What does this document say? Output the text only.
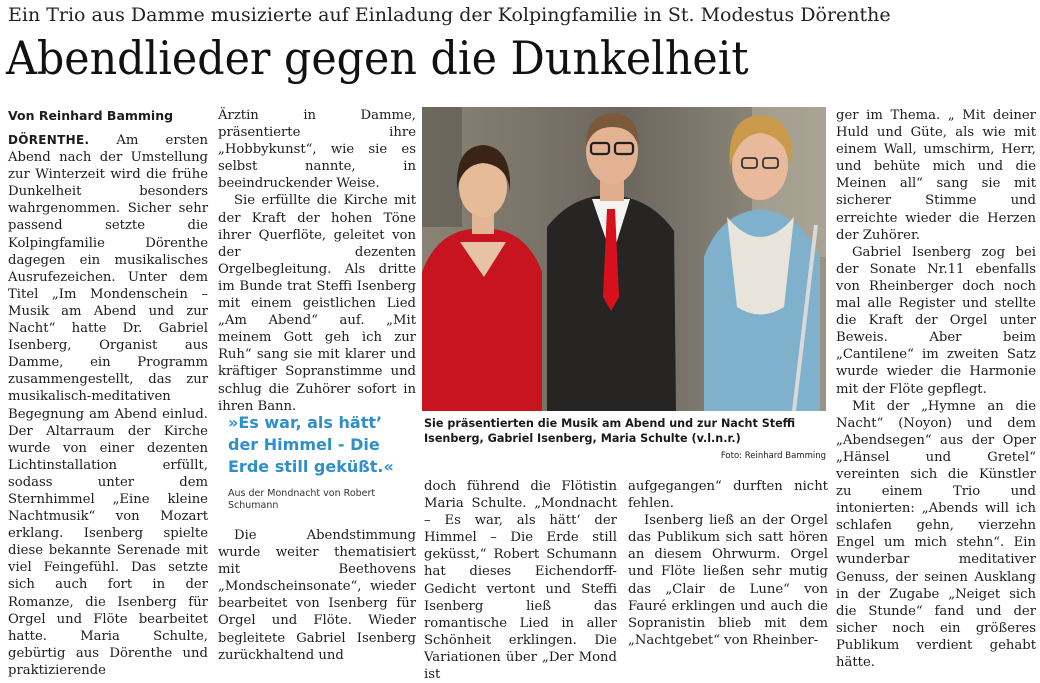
Ein Trio aus Damme musizierte auf Einladung der Kolpingfamilie in St. Modestus Dörenthe
Abendlieder gegen die Dunkelheit

Von Reinhard Bamming

DÖRENTHE. Am ersten Abend nach der Umstellung zur Winterzeit wird die frühe Dunkelheit besonders wahrgenommen. Sicher sehr passend setzte die Kolpingfamilie Dörenthe dagegen ein musikalisches Ausrufezeichen. Unter dem Titel „Im Mondenschein – Musik am Abend und zur Nacht“ hatte Dr. Gabriel Isenberg, Organist aus Damme, ein Programm zusammengestellt, das zur musikalisch-meditativen Begegnung am Abend einlud. Der Altarraum der Kirche wurde von einer dezenten Lichtinstallation erfüllt, sodass unter dem Sternhimmel „Eine kleine Nachtmusik“ von Mozart erklang. Isenberg spielte diese bekannte Serenade mit viel Feingefühl. Das setzte sich auch fort in der Romanze, die Isenberg für Orgel und Flöte bearbeitet hatte. Maria Schulte, gebürtig aus Dörenthe und praktizierende

Ärztin in Damme, präsentierte ihre „Hobbykunst“, wie sie es selbst nannte, in beeindruckender Weise.

Sie erfüllte die Kirche mit der Kraft der hohen Töne ihrer Querflöte, geleitet von der dezenten Orgelbegleitung. Als dritte im Bunde trat Steffi Isenberg mit einem geistlichen Lied „Am Abend“ auf. „Mit meinem Gott geh ich zur Ruh“ sang sie mit klarer und kräftiger Sopranstimme und schlug die Zuhörer sofort in ihren Bann.

»Es war, als hätt’ der Himmel - Die Erde still geküßt.«
Aus der Mondnacht von Robert Schumann

Die Abendstimmung wurde weiter thematisiert mit Beethovens „Mondscheinsonate“, wieder bearbeitet von Isenberg für Orgel und Flöte. Wieder begleitete Gabriel Isenberg zurückhaltend und

Sie präsentierten die Musik am Abend und zur Nacht Steffi Isenberg, Gabriel Isenberg, Maria Schulte (v.l.n.r.)
Foto: Reinhard Bamming

doch führend die Flötistin Maria Schulte. „Mondnacht – Es war, als hätt‘ der Himmel – Die Erde still geküsst,“ Robert Schumann hat dieses Eichendorff-Gedicht vertont und Steffi Isenberg ließ das romantische Lied in aller Schönheit erklingen. Die Variationen über „Der Mond ist

aufgegangen“ durften nicht fehlen.

Isenberg ließ an der Orgel das Publikum sich satt hören an diesem Ohrwurm. Orgel und Flöte ließen sehr mutig das „Clair de Lune“ von Fauré erklingen und auch die Sopranistin blieb mit dem „Nachtgebet“ von Rheinber-

ger im Thema. „ Mit deiner Huld und Güte, als wie mit einem Wall, umschirm, Herr, und behüte mich und die Meinen all“ sang sie mit sicherer Stimme und erreichte wieder die Herzen der Zuhörer.

Gabriel Isenberg zog bei der Sonate Nr.11 ebenfalls von Rheinberger doch noch mal alle Register und stellte die Kraft der Orgel unter Beweis. Aber beim „Cantilene“ im zweiten Satz wurde wieder die Harmonie mit der Flöte gepflegt.

Mit der „Hymne an die Nacht“ (Noyon) und dem „Abendsegen“ aus der Oper „Hänsel und Gretel“ vereinten sich die Künstler zu einem Trio und intonierten: „Abends will ich schlafen gehn, vierzehn Engel um mich stehn“. Ein wunderbar meditativer Genuss, der seinen Ausklang in der Zugabe „Neiget sich die Stunde“ fand und der sicher noch ein größeres Publikum verdient gehabt hätte.
